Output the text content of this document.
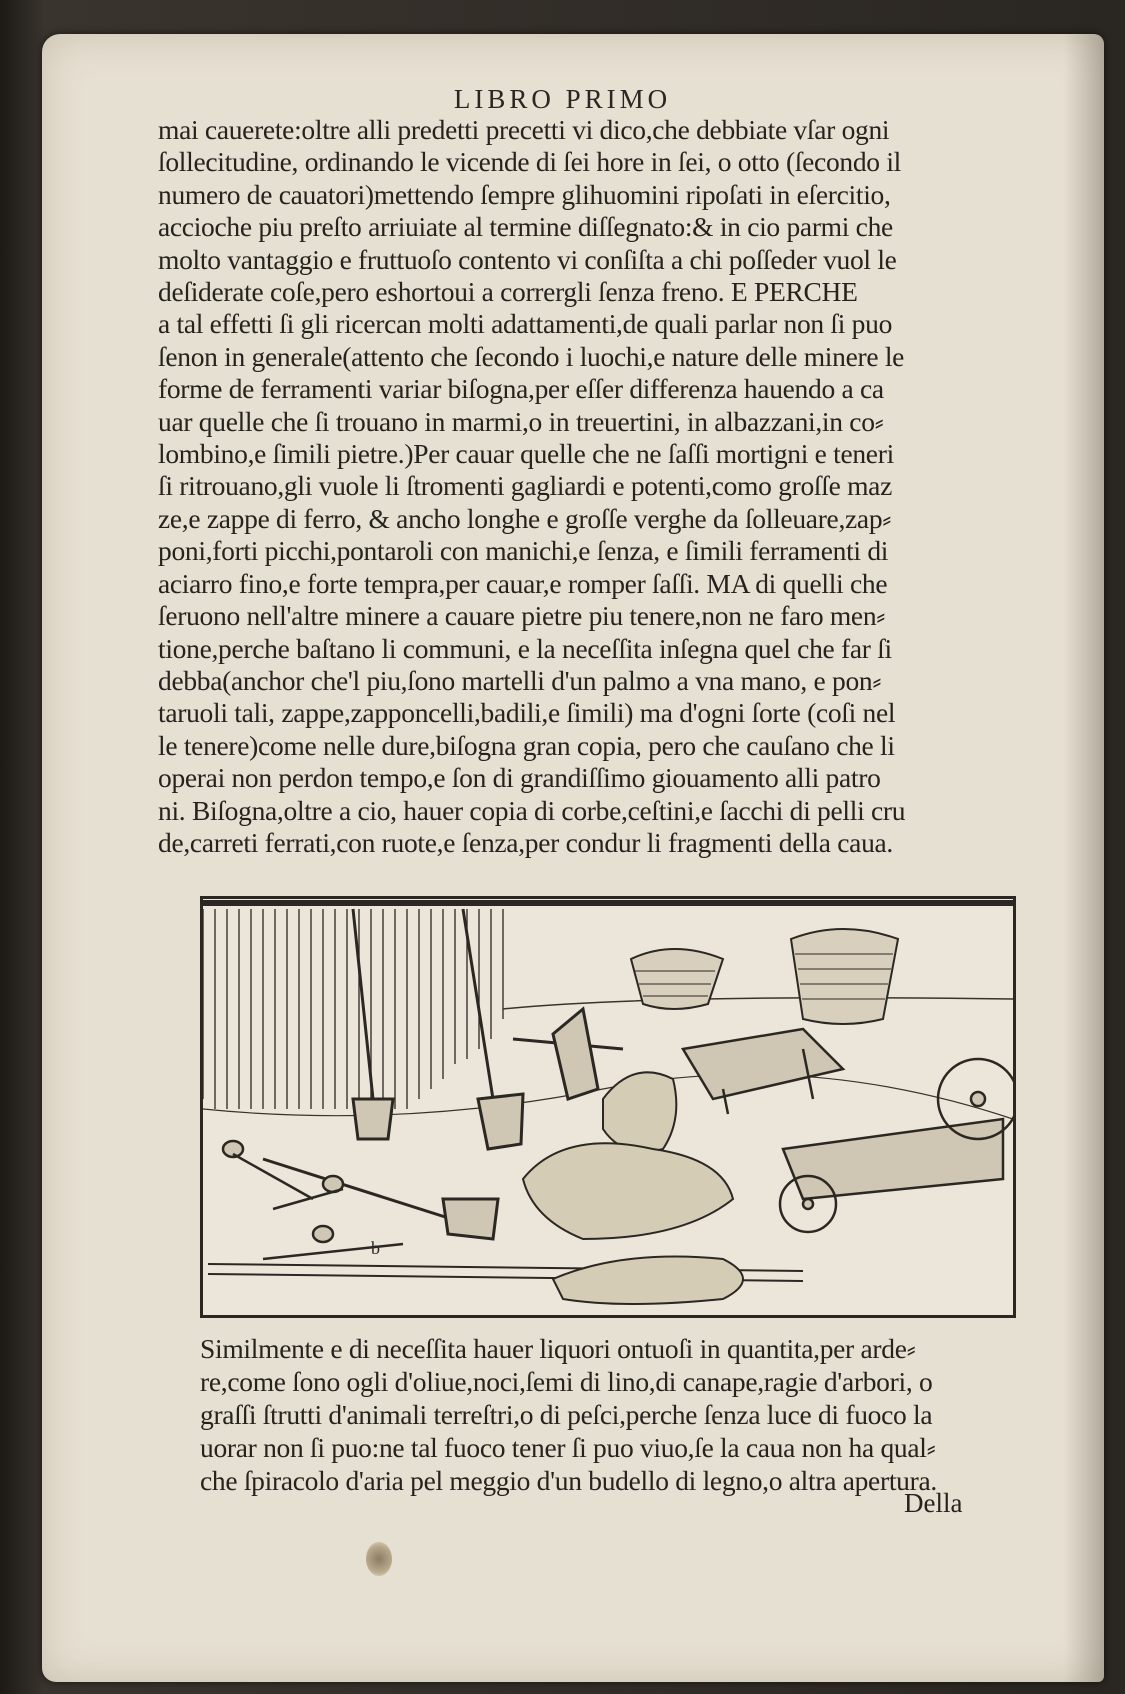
LIBRO PRIMO
mai cauerete:oltre alli predetti precetti vi dico,che debbiate vſar ogni
ſollecitudine, ordinando le vicende di ſei hore in ſei, o otto (ſecondo il
numero de cauatori)mettendo ſempre glihuomini ripoſati in eſercitio,
accioche piu preſto arriuiate al termine diſſegnato:& in cio parmi che
molto vantaggio e fruttuoſo contento vi conſiſta a chi poſſeder vuol le
deſiderate coſe,pero eshortoui a corrergli ſenza freno. E PERCHE
a tal effetti ſi gli ricercan molti adattamenti,de quali parlar non ſi puo
ſenon in generale(attento che ſecondo i luochi,e nature delle minere le
forme de ferramenti variar biſogna,per eſſer differenza hauendo a ca
uar quelle che ſi trouano in marmi,o in treuertini, in albazzani,in co⸗
lombino,e ſimili pietre.)Per cauar quelle che ne ſaſſi mortigni e teneri
ſi ritrouano,gli vuole li ſtromenti gagliardi e potenti,como groſſe maz
ze,e zappe di ferro, & ancho longhe e groſſe verghe da ſolleuare,zap⸗
poni,forti picchi,pontaroli con manichi,e ſenza, e ſimili ferramenti di
aciarro fino,e forte tempra,per cauar,e romper ſaſſi. MA di quelli che
ſeruono nell'altre minere a cauare pietre piu tenere,non ne faro men⸗
tione,perche baſtano li communi, e la neceſſita inſegna quel che far ſi
debba(anchor che'l piu,ſono martelli d'un palmo a vna mano, e pon⸗
taruoli tali, zappe,zapponcelli,badili,e ſimili) ma d'ogni ſorte (coſi nel
le tenere)come nelle dure,biſogna gran copia, pero che cauſano che li
operai non perdon tempo,e ſon di grandiſſimo giouamento alli patro
ni. Biſogna,oltre a cio, hauer copia di corbe,ceſtini,e ſacchi di pelli cru
de,carreti ferrati,con ruote,e ſenza,per condur li fragmenti della caua.
b
Similmente e di neceſſita hauer liquori ontuoſi in quantita,per arde⸗
re,come ſono ogli d'oliue,noci,ſemi di lino,di canape,ragie d'arbori, o
graſſi ſtrutti d'animali terreſtri,o di peſci,perche ſenza luce di fuoco la
uorar non ſi puo:ne tal fuoco tener ſi puo viuo,ſe la caua non ha qual⸗
che ſpiracolo d'aria pel meggio d'un budello di legno,o altra apertura.
Della
